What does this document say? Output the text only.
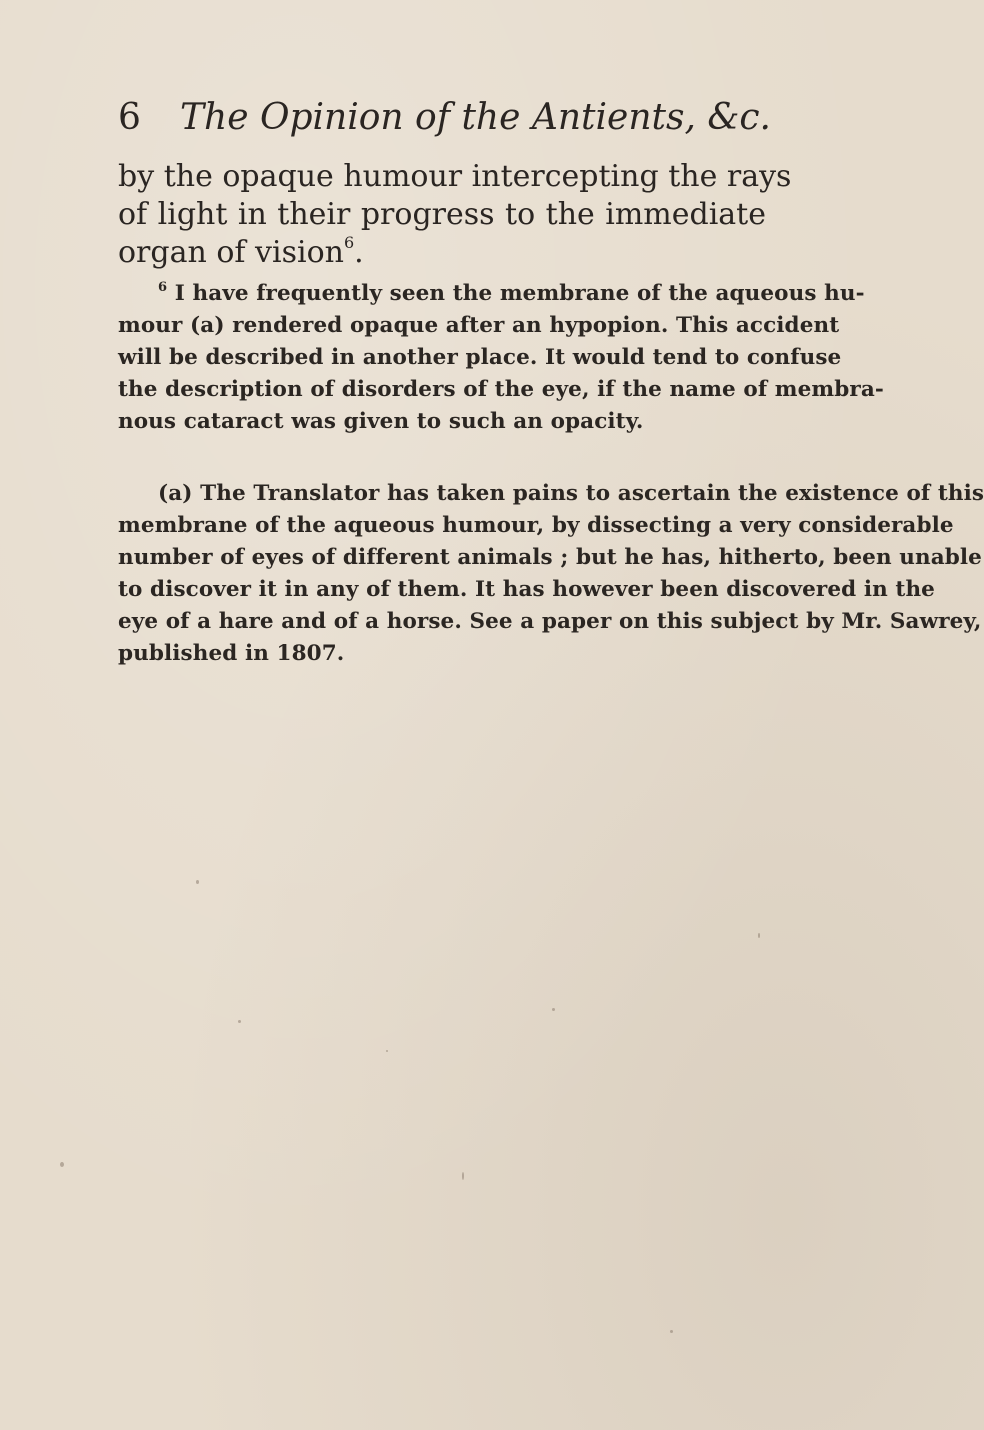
6 The Opinion of the Antients, &c.
by the opaque humour intercepting the rays
of light in their progress to the immediate
organ of vision$^6$.
$^6$ I have frequently seen the membrane of the aqueous hu-
mour (a) rendered opaque after an hypopion. This accident
will be described in another place. It would tend to confuse
the description of disorders of the eye, if the name of membra-
nous cataract was given to such an opacity.
(a) The Translator has taken pains to ascertain the existence of this
membrane of the aqueous humour, by dissecting a very considerable
number of eyes of different animals ; but he has, hitherto, been unable
to discover it in any of them. It has however been discovered in the
eye of a hare and of a horse. See a paper on this subject by Mr. Sawrey,
published in 1807.
